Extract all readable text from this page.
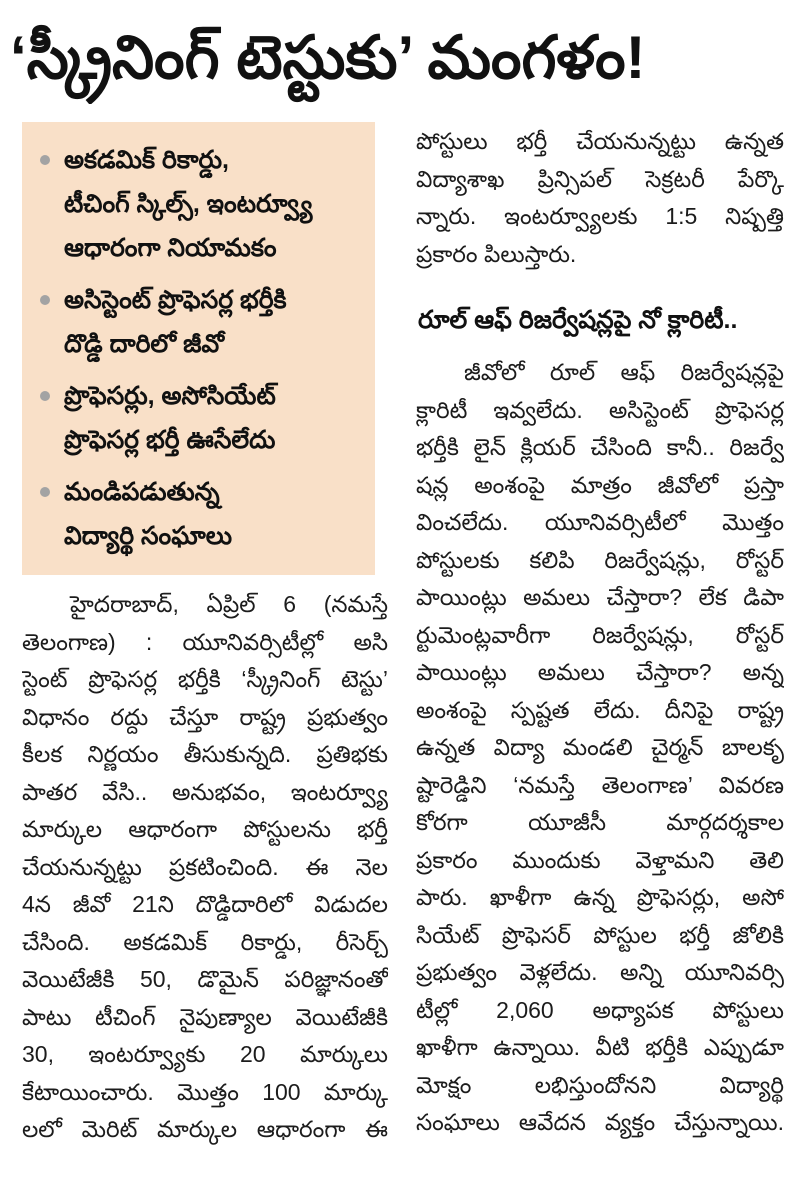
‘స్క్రీనింగ్ టెస్టుకు’ మంగళం!
అకడమిక్ రికార్డు,
టీచింగ్ స్కిల్స్, ఇంటర్వ్యూ
ఆధారంగా నియామకం
అసిస్టెంట్ ప్రొఫెసర్ల భర్తీకి
దొడ్డి దారిలో జీవో
ప్రొఫెసర్లు, అసోసియేట్
ప్రొఫెసర్ల భర్తీ ఊసేలేదు
మండిపడుతున్న
విద్యార్థి సంఘాలు
హైదరాబాద్, ఏప్రిల్ 6 (నమస్తే
తెలంగాణ) : యూనివర్సిటీల్లో అసి
స్టెంట్ ప్రొఫెసర్ల భర్తీకి ‘స్క్రీనింగ్ టెస్టు’
విధానం రద్దు చేస్తూ రాష్ట్ర ప్రభుత్వం
కీలక నిర్ణయం తీసుకున్నది. ప్రతిభకు
పాతర వేసి.. అనుభవం, ఇంటర్వ్యూ
మార్కుల ఆధారంగా పోస్టులను భర్తీ
చేయనున్నట్టు ప్రకటించింది. ఈ నెల
4న జీవో 21ని దొడ్డిదారిలో విడుదల
చేసింది. అకడమిక్ రికార్డు, రీసెర్చ్
వెయిటేజీకి 50, డొమైన్ పరిజ్ఞానంతో
పాటు టీచింగ్ నైపుణ్యాల వెయిటేజీకి
30, ఇంటర్వ్యూకు 20 మార్కులు
కేటాయించారు. మొత్తం 100 మార్కు
లలో మెరిట్ మార్కుల ఆధారంగా ఈ
పోస్టులు భర్తీ చేయనున్నట్టు ఉన్నత
విద్యాశాఖ ప్రిన్సిపల్ సెక్రటరీ పేర్కొ
న్నారు. ఇంటర్వ్యూలకు 1:5 నిష్పత్తి
ప్రకారం పిలుస్తారు.
రూల్ ఆఫ్ రిజర్వేషన్లపై నో క్లారిటీ..
జీవోలో రూల్ ఆఫ్ రిజర్వేషన్లపై
క్లారిటీ ఇవ్వలేదు. అసిస్టెంట్ ప్రొఫెసర్ల
భర్తీకి లైన్ క్లియర్ చేసింది కానీ.. రిజర్వే
షన్ల అంశంపై మాత్రం జీవోలో ప్రస్తా
వించలేదు. యూనివర్సిటీలో మొత్తం
పోస్టులకు కలిపి రిజర్వేషన్లు, రోస్టర్
పాయింట్లు అమలు చేస్తారా? లేక డిపా
ర్టుమెంట్లవారీగా రిజర్వేషన్లు, రోస్టర్
పాయింట్లు అమలు చేస్తారా? అన్న
అంశంపై స్పష్టత లేదు. దీనిపై రాష్ట్ర
ఉన్నత విద్యా మండలి చైర్మన్ బాలకృ
ష్టారెడ్డిని ‘నమస్తే తెలంగాణ’ వివరణ
కోరగా యూజీసీ మార్గదర్శకాల
ప్రకారం ముందుకు వెళ్తామని తెలి
పారు. ఖాళీగా ఉన్న ప్రొఫెసర్లు, అసో
సియేట్ ప్రొఫెసర్ పోస్టుల భర్తీ జోలికి
ప్రభుత్వం వెళ్లలేదు. అన్ని యూనివర్సి
టీల్లో 2,060 అధ్యాపక పోస్టులు
ఖాళీగా ఉన్నాయి. వీటి భర్తీకి ఎప్పుడూ
మోక్షం లభిస్తుందోనని విద్యార్థి
సంఘాలు ఆవేదన వ్యక్తం చేస్తున్నాయి.
